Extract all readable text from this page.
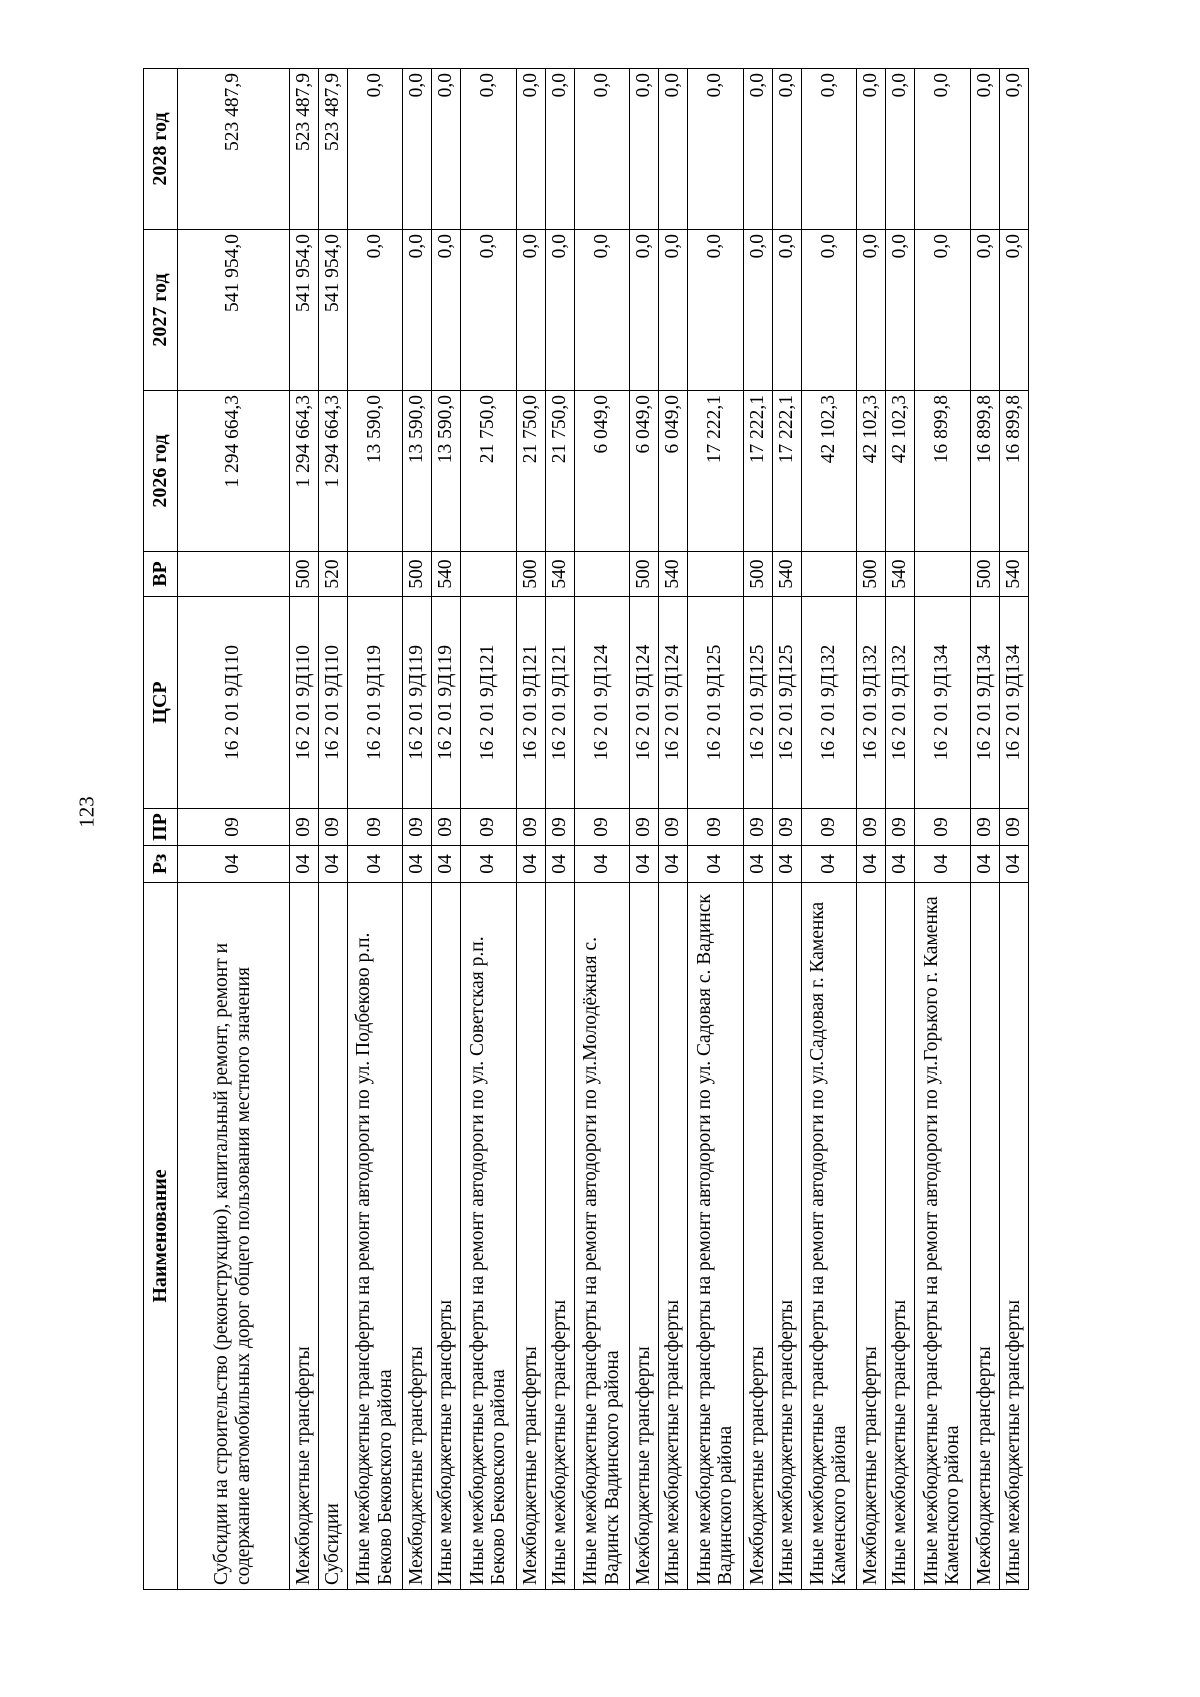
123
Наименование	Рз	ПР	ЦСР	ВР	2026 год	2027 год	2028 год
Субсидии на строительство (реконструкцию), капитальный ремонт, ремонт и содержание автомобильных дорог общего пользования местного значения	04	09	16 2 01 9Д110		1 294 664,3	541 954,0	523 487,9
Межбюджетные трансферты	04	09	16 2 01 9Д110	500	1 294 664,3	541 954,0	523 487,9
Субсидии	04	09	16 2 01 9Д110	520	1 294 664,3	541 954,0	523 487,9
Иные межбюджетные трансферты на ремонт автодороги по ул. Подбеково р.п. Беково Бековского района	04	09	16 2 01 9Д119		13 590,0	0,0	0,0
Межбюджетные трансферты	04	09	16 2 01 9Д119	500	13 590,0	0,0	0,0
Иные межбюджетные трансферты	04	09	16 2 01 9Д119	540	13 590,0	0,0	0,0
Иные межбюджетные трансферты на ремонт автодороги по ул. Советская р.п. Беково Бековского района	04	09	16 2 01 9Д121		21 750,0	0,0	0,0
Межбюджетные трансферты	04	09	16 2 01 9Д121	500	21 750,0	0,0	0,0
Иные межбюджетные трансферты	04	09	16 2 01 9Д121	540	21 750,0	0,0	0,0
Иные межбюджетные трансферты на ремонт автодороги по ул.Молодёжная с. Вадинск Вадинского района	04	09	16 2 01 9Д124		6 049,0	0,0	0,0
Межбюджетные трансферты	04	09	16 2 01 9Д124	500	6 049,0	0,0	0,0
Иные межбюджетные трансферты	04	09	16 2 01 9Д124	540	6 049,0	0,0	0,0
Иные межбюджетные трансферты на ремонт автодороги по ул. Садовая с. Вадинск Вадинского района	04	09	16 2 01 9Д125		17 222,1	0,0	0,0
Межбюджетные трансферты	04	09	16 2 01 9Д125	500	17 222,1	0,0	0,0
Иные межбюджетные трансферты	04	09	16 2 01 9Д125	540	17 222,1	0,0	0,0
Иные межбюджетные трансферты на ремонт автодороги по ул.Садовая г. Каменка Каменского района	04	09	16 2 01 9Д132		42 102,3	0,0	0,0
Межбюджетные трансферты	04	09	16 2 01 9Д132	500	42 102,3	0,0	0,0
Иные межбюджетные трансферты	04	09	16 2 01 9Д132	540	42 102,3	0,0	0,0
Иные межбюджетные трансферты на ремонт автодороги по ул.Горького г. Каменка Каменского района	04	09	16 2 01 9Д134		16 899,8	0,0	0,0
Межбюджетные трансферты	04	09	16 2 01 9Д134	500	16 899,8	0,0	0,0
Иные межбюджетные трансферты	04	09	16 2 01 9Д134	540	16 899,8	0,0	0,0
